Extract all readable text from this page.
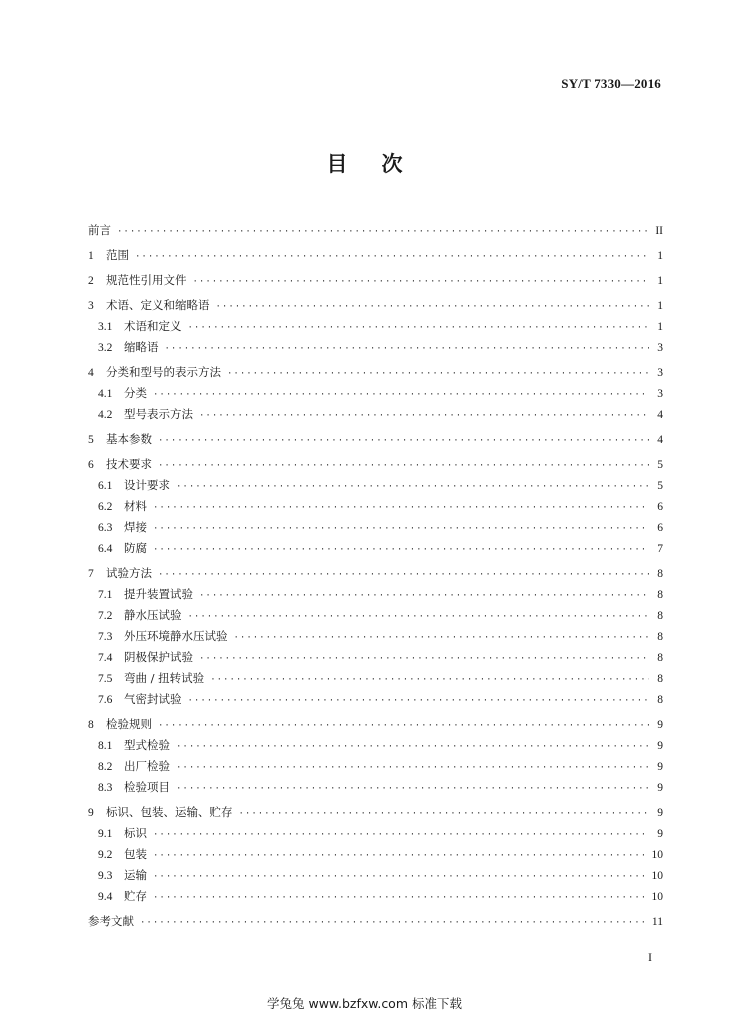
SY/T 7330—2016
目次
前言 ·····	II
1	范围 ·····	1
2	规范性引用文件 ·····	1
3	术语、定义和缩略语 ·····	1
3.1	术语和定义 ·····	1
3.2	缩略语 ·····	3
4	分类和型号的表示方法 ·····	3
4.1	分类 ·····	3
4.2	型号表示方法 ·····	4
5	基本参数 ·····	4
6	技术要求 ·····	5
6.1	设计要求 ·····	5
6.2	材料 ·····	6
6.3	焊接 ·····	6
6.4	防腐 ·····	7
7	试验方法 ·····	8
7.1	提升装置试验 ·····	8
7.2	静水压试验 ·····	8
7.3	外压环境静水压试验 ·····	8
7.4	阴极保护试验 ·····	8
7.5	弯曲 / 扭转试验 ·····	8
7.6	气密封试验 ·····	8
8	检验规则 ·····	9
8.1	型式检验 ·····	9
8.2	出厂检验 ·····	9
8.3	检验项目 ·····	9
9	标识、包装、运输、贮存 ·····	9
9.1	标识 ·····	9
9.2	包装 ·····	10
9.3	运输 ·····	10
9.4	贮存 ·····	10
参考文献 ·····	11
I
学兔兔 www.bzfxw.com 标准下载
